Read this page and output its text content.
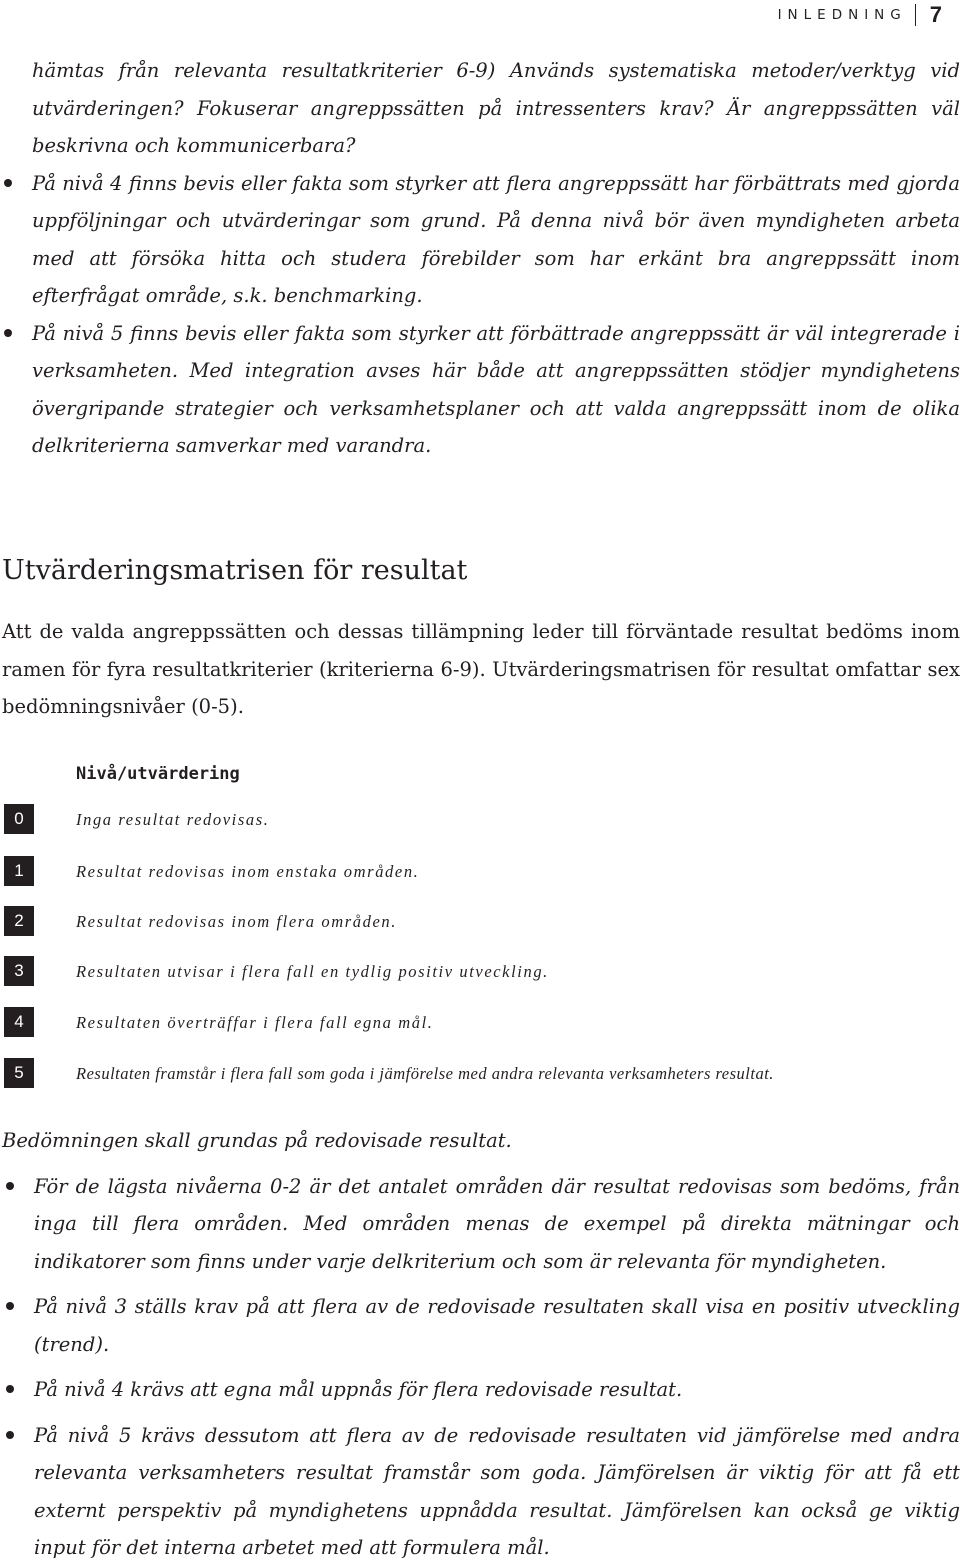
INLEDNING 7

hämtas från relevanta resultatkriterier 6-9) Används systematiska metoder/verktyg vid utvärderingen? Fokuserar angreppssätten på intressenters krav? Är angreppssätten väl beskrivna och kommunicerbara?

På nivå 4 finns bevis eller fakta som styrker att flera angreppssätt har förbättrats med gjorda uppföljningar och utvärderingar som grund. På denna nivå bör även myndigheten arbeta med att försöka hitta och studera förebilder som har erkänt bra angreppssätt inom efterfrågat område, s.k. benchmarking.

På nivå 5 finns bevis eller fakta som styrker att förbättrade angreppssätt är väl integrerade i verksamheten. Med integration avses här både att angreppssätten stödjer myndighetens övergripande strategier och verksamhetsplaner och att valda angreppssätt inom de olika delkriterierna samverkar med varandra.

Utvärderingsmatrisen för resultat

Att de valda angreppssätten och dessas tillämpning leder till förväntade resultat bedöms inom ramen för fyra resultatkriterier (kriterierna 6-9). Utvärderingsmatrisen för resultat omfattar sex bedömningsnivåer (0-5).

Nivå/utvärdering
0	Inga resultat redovisas.
1	Resultat redovisas inom enstaka områden.
2	Resultat redovisas inom flera områden.
3	Resultaten utvisar i flera fall en tydlig positiv utveckling.
4	Resultaten överträffar i flera fall egna mål.
5	Resultaten framstår i flera fall som goda i jämförelse med andra relevanta verksamheters resultat.

Bedömningen skall grundas på redovisade resultat.

För de lägsta nivåerna 0-2 är det antalet områden där resultat redovisas som bedöms, från inga till flera områden. Med områden menas de exempel på direkta mätningar och indikatorer som finns under varje delkriterium och som är relevanta för myndigheten.

På nivå 3 ställs krav på att flera av de redovisade resultaten skall visa en positiv utveckling (trend).

På nivå 4 krävs att egna mål uppnås för flera redovisade resultat.

På nivå 5 krävs dessutom att flera av de redovisade resultaten vid jämförelse med andra relevanta verksamheters resultat framstår som goda. Jämförelsen är viktig för att få ett externt perspektiv på myndighetens uppnådda resultat. Jämförelsen kan också ge viktig input för det interna arbetet med att formulera mål.
